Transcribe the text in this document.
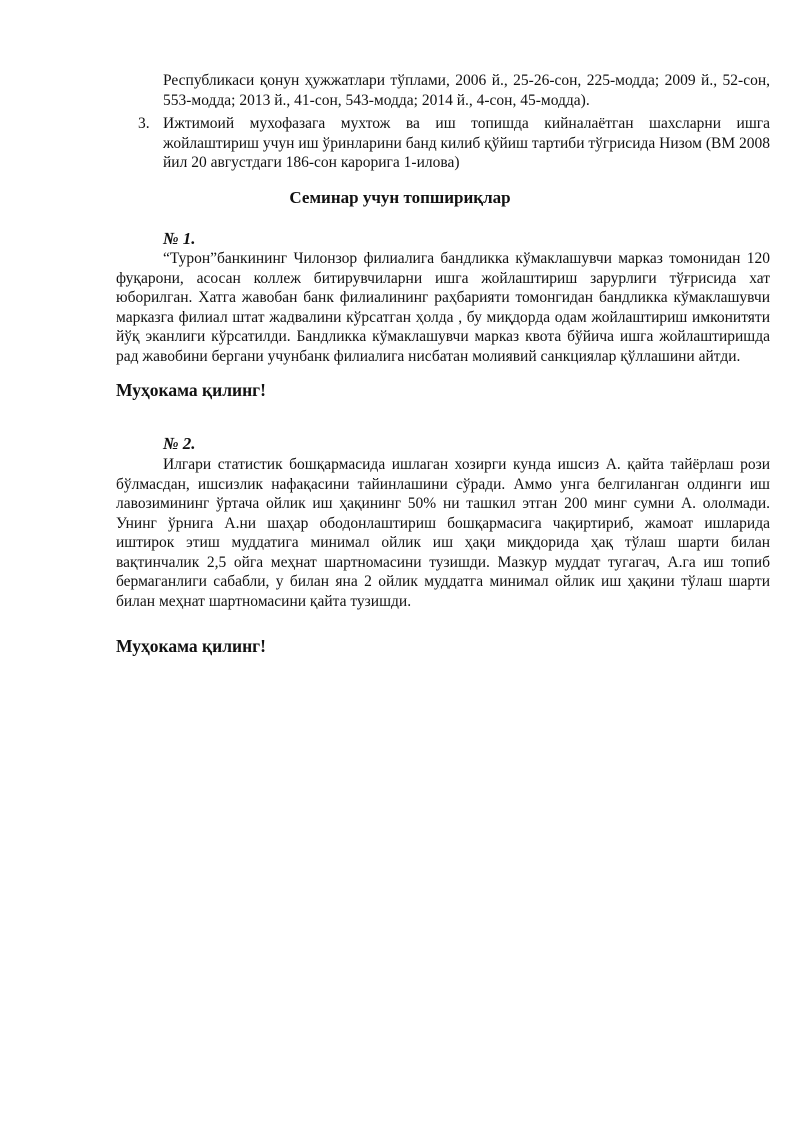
Республикаси қонун ҳужжатлари тўплами, 2006 й., 25-26-сон, 225-модда; 2009 й., 52-сон, 553-модда; 2013 й., 41-сон, 543-модда; 2014 й., 4-сон, 45-модда).

3. Ижтимоий мухофазага мухтож ва иш топишда кийналаётган шахсларни ишга жойлаштириш учун иш ўринларини банд килиб қўйиш тартиби тўгрисида Низом (ВМ 2008 йил 20 августдаги 186-сон карорига 1-илова)

Семинар учун топшириқлар

№ 1.

“Турон”банкининг Чилонзор филиалига бандликка кўмаклашувчи марказ томонидан 120 фуқарони, асосан коллеж битирувчиларни ишга жойлаштириш зарурлиги тўғрисида хат юборилган. Хатга жавобан банк филиалининг раҳбарияти томонгидан бандликка кўмаклашувчи марказга филиал штат жадвалини кўрсатган ҳолда , бу миқдорда одам жойлаштириш имконитяти йўқ эканлиги кўрсатилди. Бандликка кўмаклашувчи марказ квота бўйича ишга жойлаштиришда рад жавобини бергани учунбанк филиалига нисбатан молиявий санкциялар қўллашини айтди.

Муҳокама қилинг!

№ 2.

Илгари статистик бошқармасида ишлаган хозирги кунда ишсиз А. қайта тайёрлаш рози бўлмасдан, ишсизлик нафақасини тайинлашини сўради. Аммо унга белгиланган олдинги иш лавозимининг ўртача ойлик иш ҳақининг 50% ни ташкил этган 200 минг сумни А. ололмади. Унинг ўрнига А.ни шаҳар ободонлаштириш бошқармасига чақиртириб, жамоат ишларида иштирок этиш муддатига минимал ойлик иш ҳақи миқдорида ҳақ тўлаш шарти билан вақтинчалик 2,5 ойга меҳнат шартномасини тузишди. Мазкур муддат тугагач, А.га иш топиб бермаганлиги сабабли, у билан яна 2 ойлик муддатга минимал ойлик иш ҳақини тўлаш шарти билан меҳнат шартномасини қайта тузишди.

Муҳокама қилинг!
